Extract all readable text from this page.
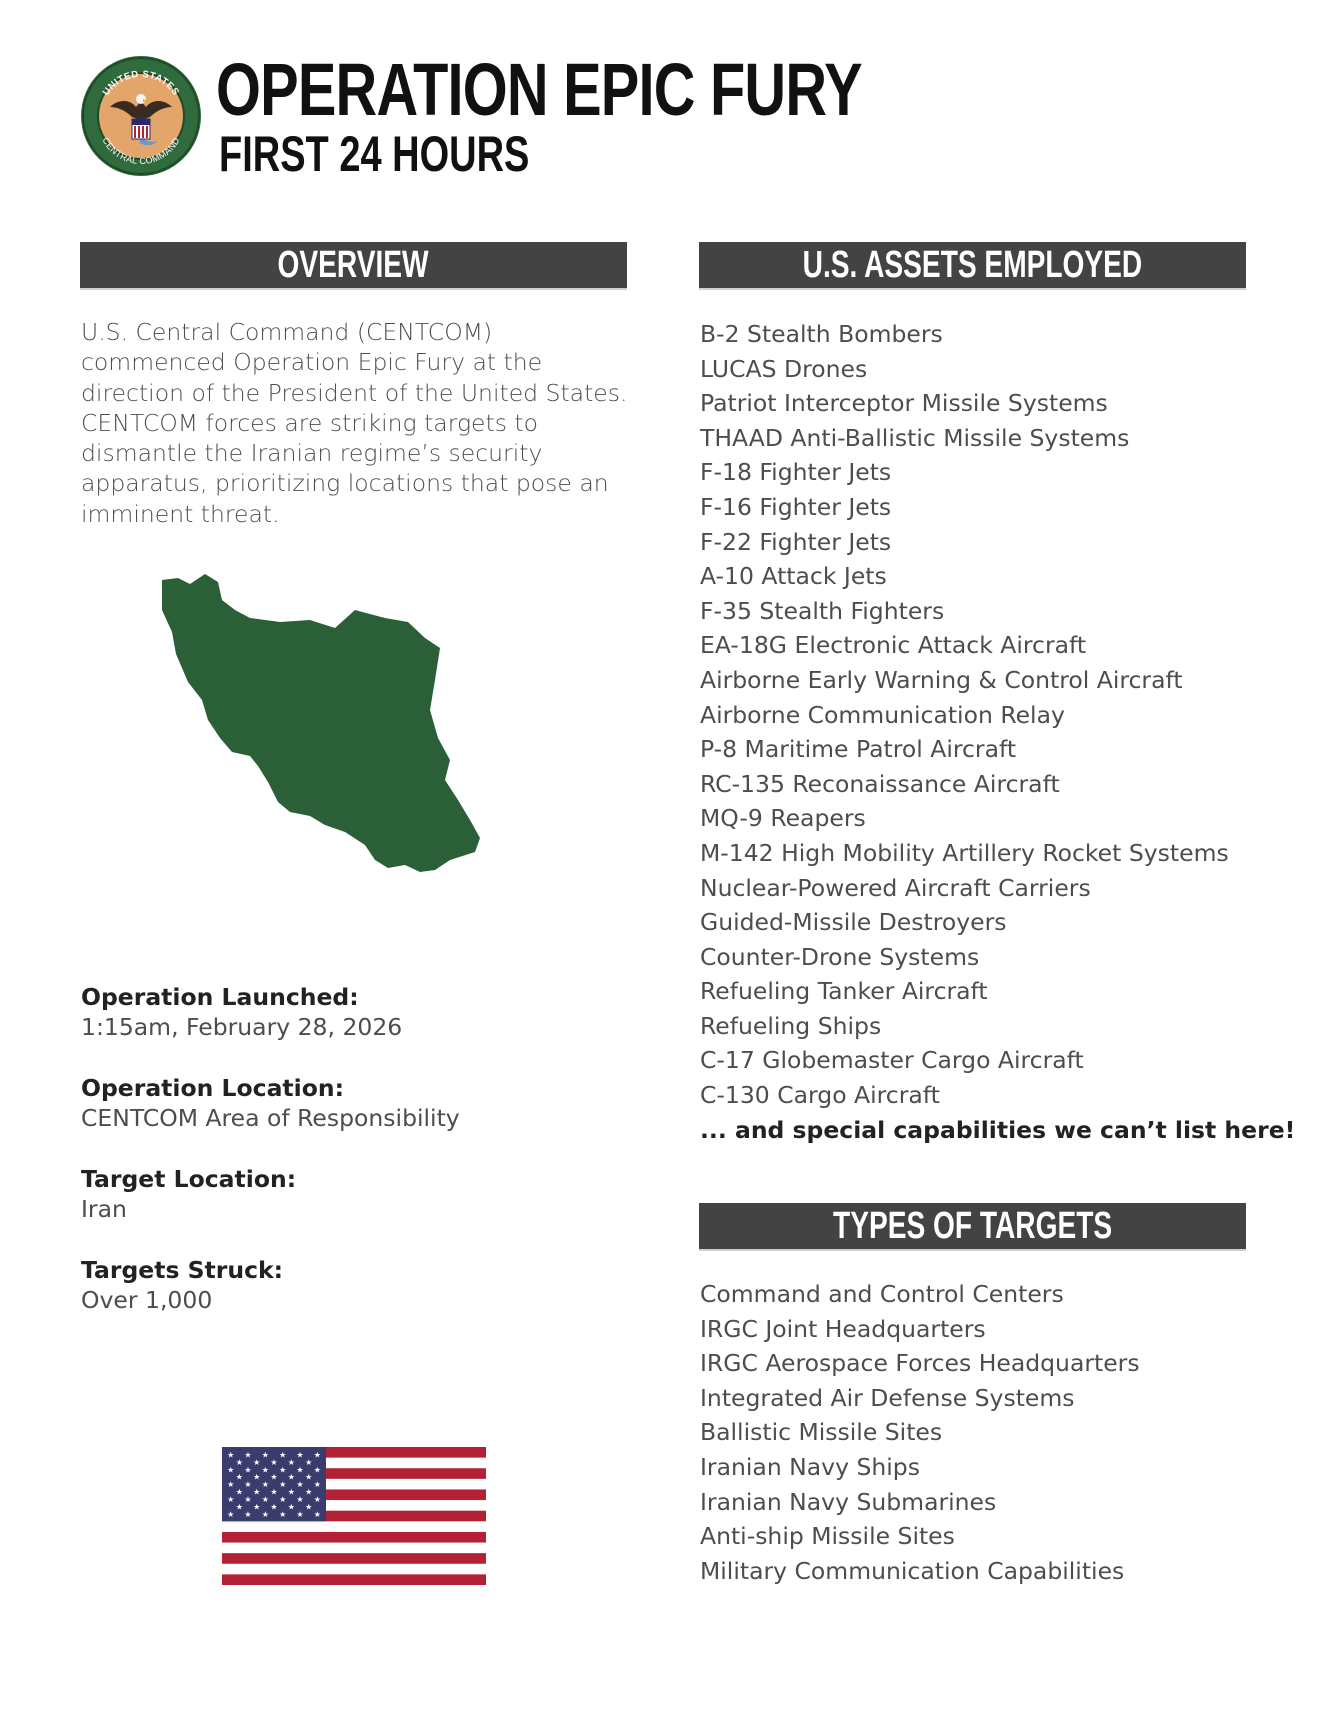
UNITED STATES
CENTRAL COMMAND
OPERATION EPIC FURY
FIRST 24 HOURS
OVERVIEW

U.S. Central Command (CENTCOM) commenced Operation Epic Fury at the direction of the President of the United States. CENTCOM forces are striking targets to dismantle the Iranian regime’s security apparatus, prioritizing locations that pose an imminent threat.

Operation Launched:
1:15am, February 28, 2026
Operation Location:
CENTCOM Area of Responsibility
Target Location:
Iran
Targets Struck:
Over 1,000
★ ★ ★ ★ ★ ★
★ ★ ★ ★ ★
★ ★ ★ ★ ★ ★
★ ★ ★ ★ ★
★ ★ ★ ★ ★ ★
★ ★ ★ ★ ★
★ ★ ★ ★ ★ ★
★ ★ ★ ★ ★
★ ★ ★ ★ ★ ★
U.S. ASSETS EMPLOYED
B-2 Stealth Bombers
LUCAS Drones
Patriot Interceptor Missile Systems
THAAD Anti-Ballistic Missile Systems
F-18 Fighter Jets
F-16 Fighter Jets
F-22 Fighter Jets
A-10 Attack Jets
F-35 Stealth Fighters
EA-18G Electronic Attack Aircraft
Airborne Early Warning & Control Aircraft
Airborne Communication Relay
P-8 Maritime Patrol Aircraft
RC-135 Reconaissance Aircraft
MQ-9 Reapers
M-142 High Mobility Artillery Rocket Systems
Nuclear-Powered Aircraft Carriers
Guided-Missile Destroyers
Counter-Drone Systems
Refueling Tanker Aircraft
Refueling Ships
C-17 Globemaster Cargo Aircraft
C-130 Cargo Aircraft
... and special capabilities we can’t list here!
TYPES OF TARGETS
Command and Control Centers
IRGC Joint Headquarters
IRGC Aerospace Forces Headquarters
Integrated Air Defense Systems
Ballistic Missile Sites
Iranian Navy Ships
Iranian Navy Submarines
Anti-ship Missile Sites
Military Communication Capabilities
